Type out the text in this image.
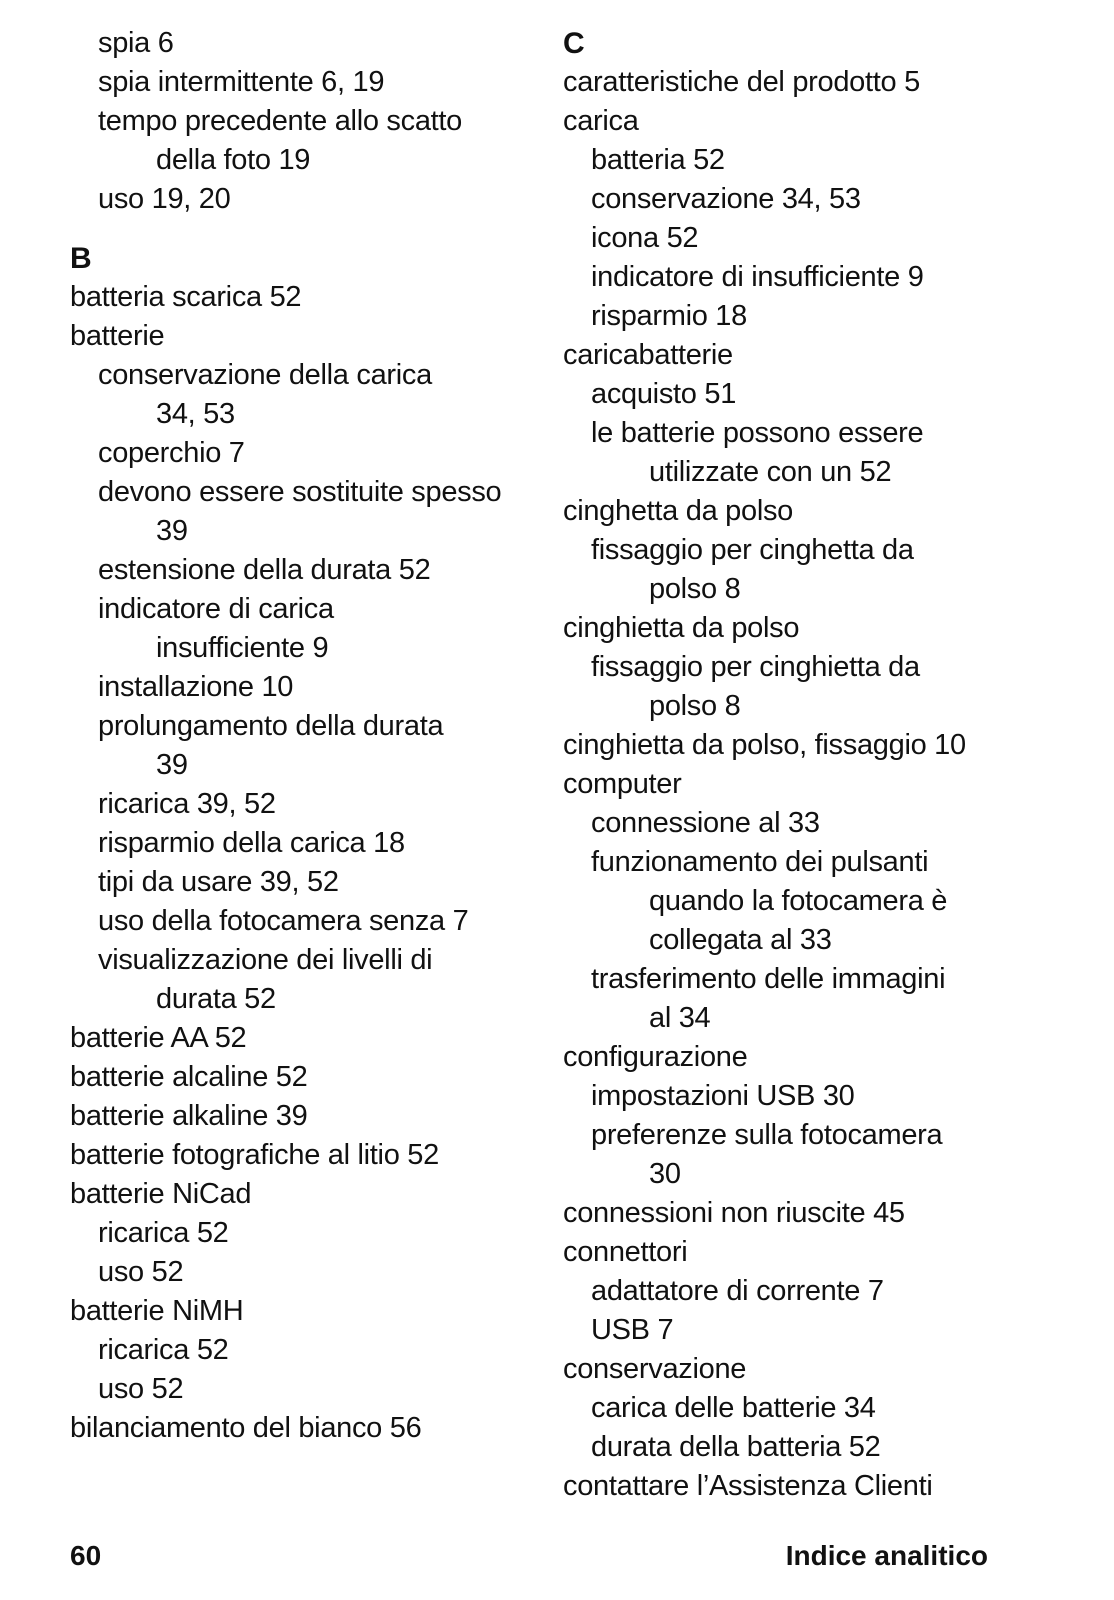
spia 6
spia intermittente 6, 19
tempo precedente allo scatto
della foto 19
uso 19, 20
B
batteria scarica 52
batterie
conservazione della carica
34, 53
coperchio 7
devono essere sostituite spesso
39
estensione della durata 52
indicatore di carica
insufficiente 9
installazione 10
prolungamento della durata
39
ricarica 39, 52
risparmio della carica 18
tipi da usare 39, 52
uso della fotocamera senza 7
visualizzazione dei livelli di
durata 52
batterie AA 52
batterie alcaline 52
batterie alkaline 39
batterie fotografiche al litio 52
batterie NiCad
ricarica 52
uso 52
batterie NiMH
ricarica 52
uso 52
bilanciamento del bianco 56
C
caratteristiche del prodotto 5
carica
batteria 52
conservazione 34, 53
icona 52
indicatore di insufficiente 9
risparmio 18
caricabatterie
acquisto 51
le batterie possono essere
utilizzate con un 52
cinghetta da polso
fissaggio per cinghetta da
polso 8
cinghietta da polso
fissaggio per cinghietta da
polso 8
cinghietta da polso, fissaggio 10
computer
connessione al 33
funzionamento dei pulsanti
quando la fotocamera è
collegata al 33
trasferimento delle immagini
al 34
configurazione
impostazioni USB 30
preferenze sulla fotocamera
30
connessioni non riuscite 45
connettori
adattatore di corrente 7
USB 7
conservazione
carica delle batterie 34
durata della batteria 52
contattare l’Assistenza Clienti
60	Indice analitico
